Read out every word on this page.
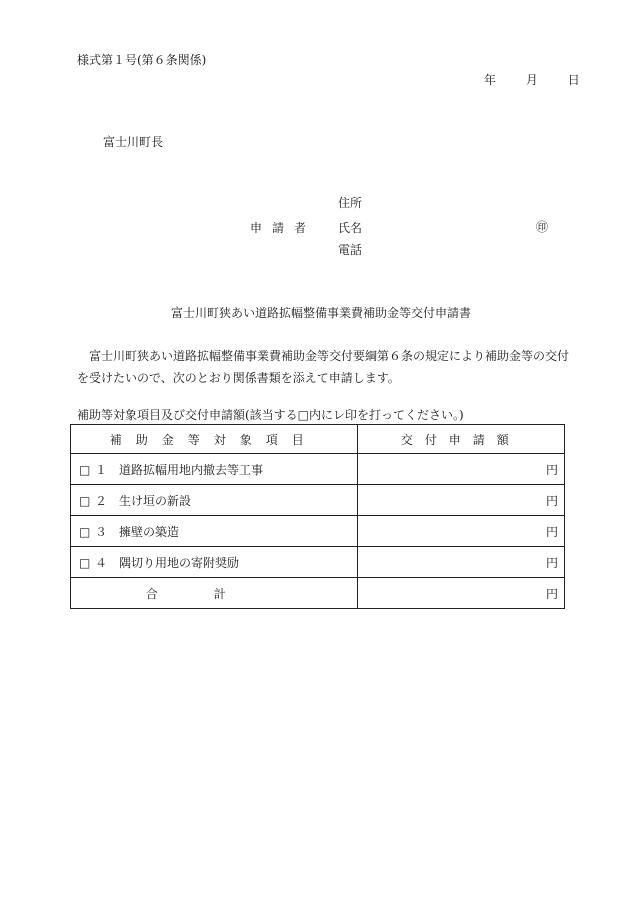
様式第１号(第６条関係)
年 月 日
富士川町長
住所
申請者 氏名	㊞
電話
富士川町狭あい道路拡幅整備事業費補助金等交付申請書
富士川町狭あい道路拡幅整備事業費補助金等交付要綱第６条の規定により補助金等の交付を受けたいので、次のとおり関係書類を添えて申請します。
補助等対象項目及び交付申請額(該当する□内にレ印を打ってください。)
補助金等対象項目	交付申請額
□ １ 道路拡幅用地内撤去等工事	円
□ ２ 生け垣の新設	円
□ ３ 擁壁の築造	円
□ ４ 隅切り用地の寄附奨励	円
合計	円
